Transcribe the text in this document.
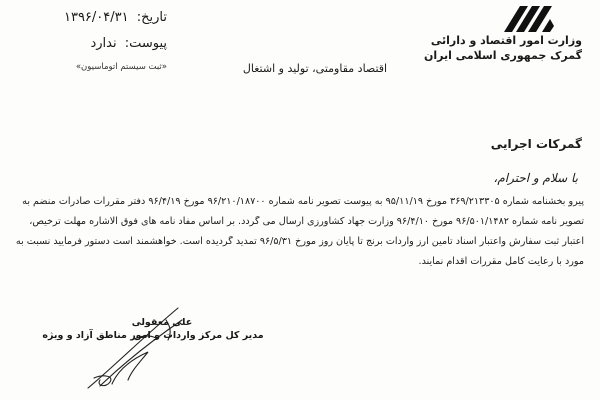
وزارت امور اقتصاد و دارائی
گمرک جمهوری اسلامی ایران
تاریخ: ۱۳۹۶/۰۴/۳۱
پیوست: ندارد
«ثبت سیستم اتوماسیون»	اقتصاد مقاومتی، تولید و اشتغال
گمرکات اجرایی
با سلام و احترام،
پیرو بخشنامه شماره ۳۶۹/۲۱۳۳۰۵ مورخ ۹۵/۱۱/۱۹ به پیوست تصویر نامه شماره ۹۶/۲۱۰/۱۸۷۰۰ مورخ ۹۶/۴/۱۹ دفتر مقررات صادرات منضم به
تصویر نامه شماره ۹۶/۵۰۱/۱۴۸۲ مورخ ۹۶/۴/۱۰ وزارت جهاد کشاورزی ارسال می گردد. بر اساس مفاد نامه های فوق الاشاره مهلت ترخیص،
اعتبار ثبت سفارش واعتبار اسناد تامین ارز واردات برنج تا پایان روز مورخ ۹۶/۵/۳۱ تمدید گردیده است. خواهشمند است دستور فرمایید نسبت به
مورد با رعایت کامل مقررات اقدام نمایند.
علی معقولی
مدیر کل مرکز واردات و امور مناطق آزاد و ویژه
